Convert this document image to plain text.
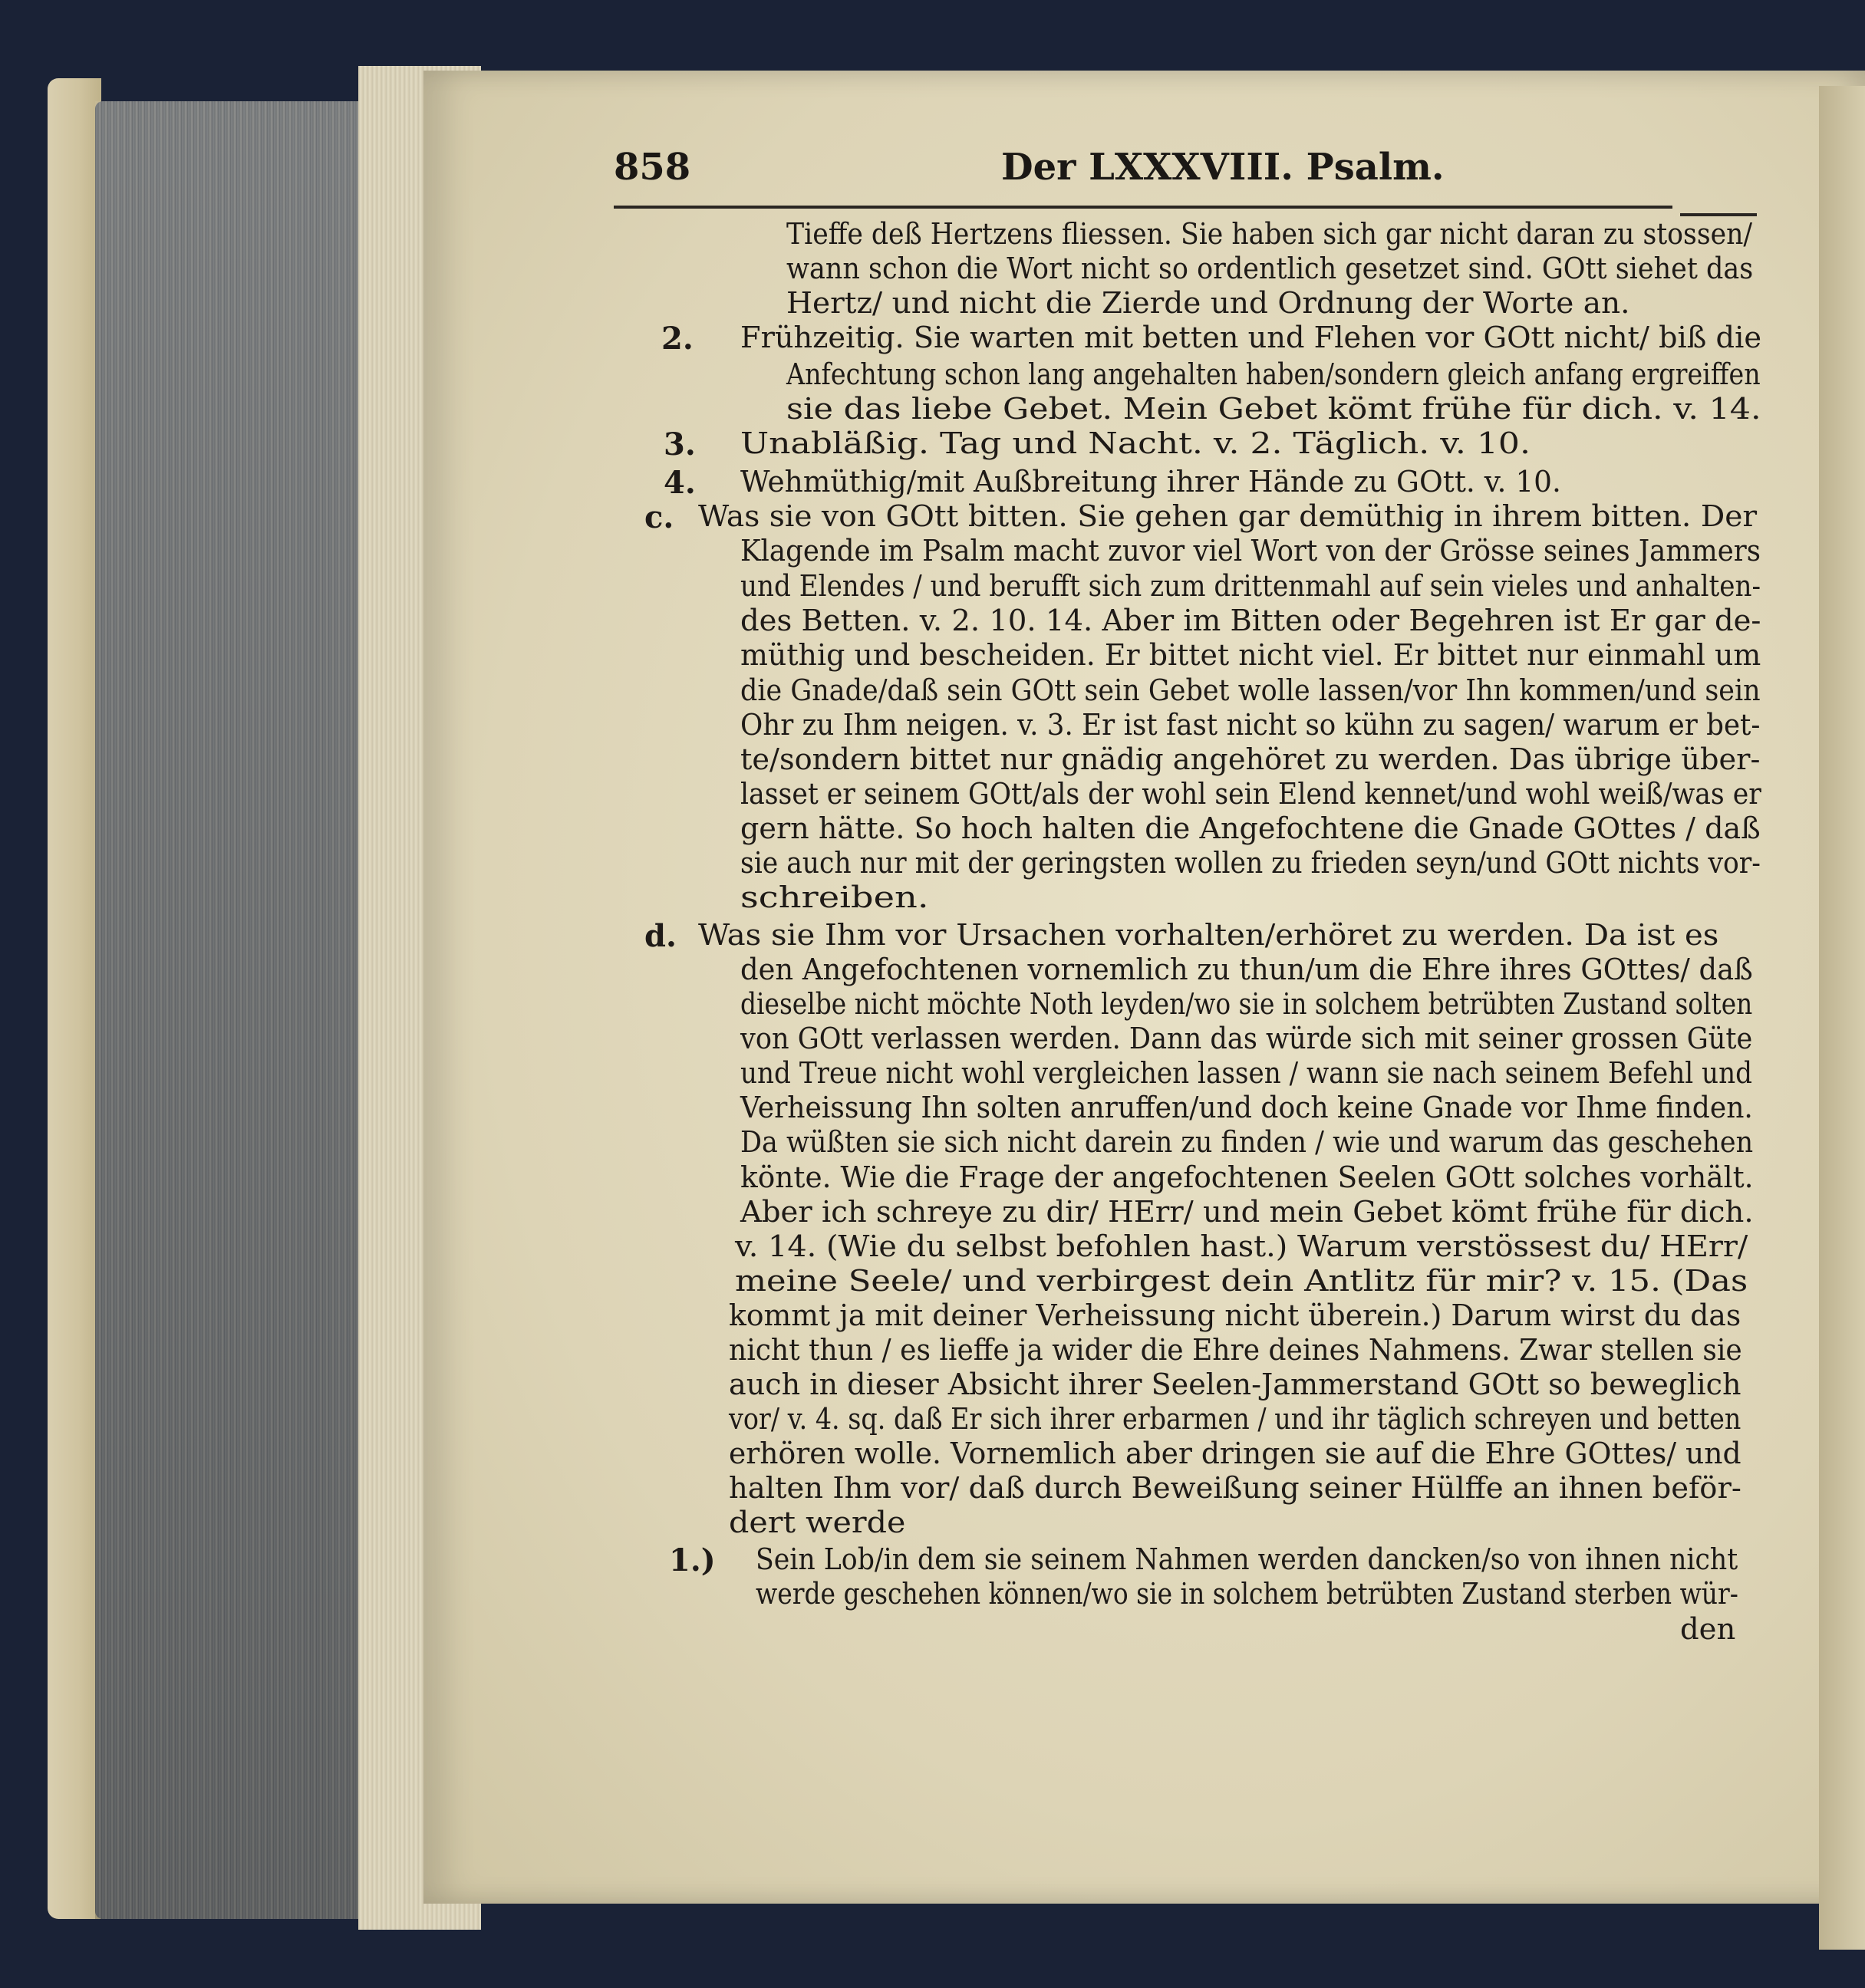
858	Der LXXXVIII. Psalm.
Tieffe deß Hertzens fliessen. Sie haben sich gar nicht daran zu stossen/
wann schon die Wort nicht so ordentlich gesetzet sind. GOtt siehet das
Hertz/ und nicht die Zierde und Ordnung der Worte an.
2. Frühzeitig. Sie warten mit betten und Flehen vor GOtt nicht/ biß die
Anfechtung schon lang angehalten haben/sondern gleich anfang ergreiffen
sie das liebe Gebet. Mein Gebet kömt frühe für dich. v. 14.
3. Unabläßig. Tag und Nacht. v. 2. Täglich. v. 10.
4. Wehmüthig/mit Außbreitung ihrer Hände zu GOtt. v. 10.
c. Was sie von GOtt bitten. Sie gehen gar demüthig in ihrem bitten. Der
Klagende im Psalm macht zuvor viel Wort von der Grösse seines Jammers
und Elendes / und berufft sich zum drittenmahl auf sein vieles und anhalten-
des Betten. v. 2. 10. 14. Aber im Bitten oder Begehren ist Er gar de-
müthig und bescheiden. Er bittet nicht viel. Er bittet nur einmahl um
die Gnade/daß sein GOtt sein Gebet wolle lassen/vor Ihn kommen/und sein
Ohr zu Ihm neigen. v. 3. Er ist fast nicht so kühn zu sagen/ warum er bet-
te/sondern bittet nur gnädig angehöret zu werden. Das übrige über-
lasset er seinem GOtt/als der wohl sein Elend kennet/und wohl weiß/was er
gern hätte. So hoch halten die Angefochtene die Gnade GOttes / daß
sie auch nur mit der geringsten wollen zu frieden seyn/und GOtt nichts vor-
schreiben.
d. Was sie Ihm vor Ursachen vorhalten/erhöret zu werden. Da ist es
den Angefochtenen vornemlich zu thun/um die Ehre ihres GOttes/ daß
dieselbe nicht möchte Noth leyden/wo sie in solchem betrübten Zustand solten
von GOtt verlassen werden. Dann das würde sich mit seiner grossen Güte
und Treue nicht wohl vergleichen lassen / wann sie nach seinem Befehl und
Verheissung Ihn solten anruffen/und doch keine Gnade vor Ihme finden.
Da wüßten sie sich nicht darein zu finden / wie und warum das geschehen
könte. Wie die Frage der angefochtenen Seelen GOtt solches vorhält.
Aber ich schreye zu dir/ HErr/ und mein Gebet kömt frühe für dich.
v. 14. (Wie du selbst befohlen hast.) Warum verstössest du/ HErr/
meine Seele/ und verbirgest dein Antlitz für mir? v. 15. (Das
kommt ja mit deiner Verheissung nicht überein.) Darum wirst du das
nicht thun / es lieffe ja wider die Ehre deines Nahmens. Zwar stellen sie
auch in dieser Absicht ihrer Seelen-Jammerstand GOtt so beweglich
vor/ v. 4. sq. daß Er sich ihrer erbarmen / und ihr täglich schreyen und betten
erhören wolle. Vornemlich aber dringen sie auf die Ehre GOttes/ und
halten Ihm vor/ daß durch Beweißung seiner Hülffe an ihnen beför-
dert werde
1.) Sein Lob/in dem sie seinem Nahmen werden dancken/so von ihnen nicht
werde geschehen können/wo sie in solchem betrübten Zustand sterben wür-
den
